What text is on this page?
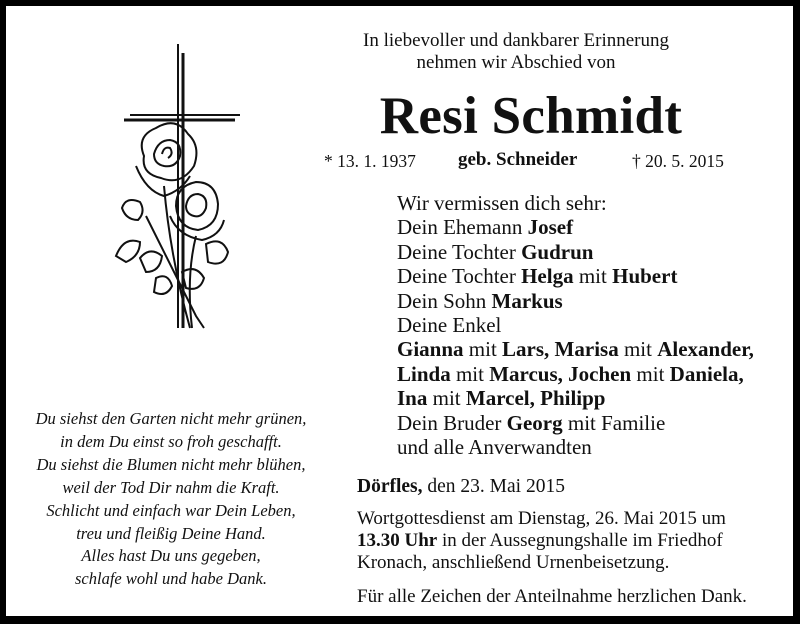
In liebevoller und dankbarer Erinnerung
nehmen wir Abschied von
Resi Schmidt
* 13. 1. 1937 geb. Schneider	† 20. 5. 2015
Wir vermissen dich sehr:
Dein Ehemann Josef
Deine Tochter Gudrun
Deine Tochter Helga mit Hubert
Dein Sohn Markus
Deine Enkel
Gianna mit Lars, Marisa mit Alexander,
Linda mit Marcus, Jochen mit Daniela,
Ina mit Marcel, Philipp
Dein Bruder Georg mit Familie
und alle Anverwandten
Du siehst den Garten nicht mehr grünen,
in dem Du einst so froh geschafft.
Du siehst die Blumen nicht mehr blühen,
weil der Tod Dir nahm die Kraft.
Schlicht und einfach war Dein Leben,
treu und fleißig Deine Hand.
Alles hast Du uns gegeben,
schlafe wohl und habe Dank.
Dörfles, den 23. Mai 2015
Wortgottesdienst am Dienstag, 26. Mai 2015 um
13.30 Uhr in der Aussegnungshalle im Friedhof
Kronach, anschließend Urnenbeisetzung.
Für alle Zeichen der Anteilnahme herzlichen Dank.
